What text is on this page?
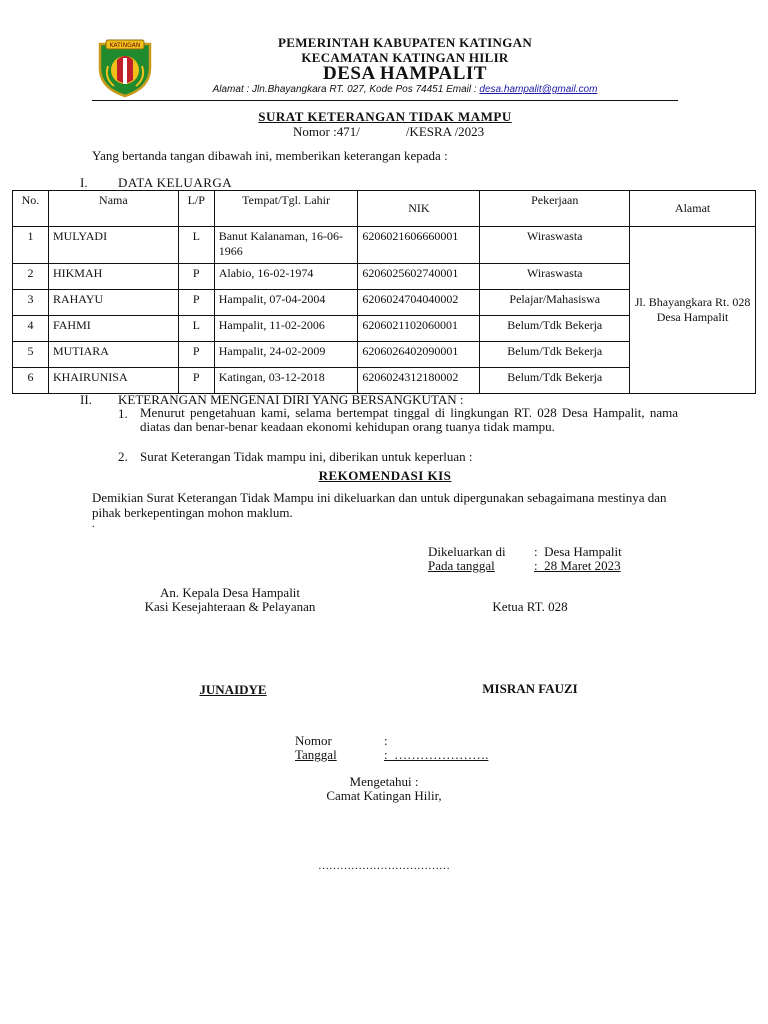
KATINGAN	PEMERINTAH KABUPATEN KATINGAN
KECAMATAN KATINGAN HILIR
DESA HAMPALIT
Alamat : Jln.Bhayangkara RT. 027, Kode Pos 74451 Email : desa.hampalit@gmail.com
SURAT KETERANGAN TIDAK MAMPU
Nomor :471/	/KESRA /2023
Yang bertanda tangan dibawah ini, memberikan keterangan kepada :
I. DATA KELUARGA
No.	Nama	L/P	Tempat/Tgl. Lahir	NIK	Pekerjaan	Alamat
1	MULYADI	L	Banut Kalanaman, 16-06-1966	6206021606660001	Wiraswasta	Jl. Bhayangkara Rt. 028 Desa Hampalit
2	HIKMAH	P	Alabio, 16-02-1974	6206025602740001	Wiraswasta	
3	RAHAYU	P	Hampalit, 07-04-2004	6206024704040002	Pelajar/Mahasiswa	
4	FAHMI	L	Hampalit, 11-02-2006	6206021102060001	Belum/Tdk Bekerja	
5	MUTIARA	P	Hampalit, 24-02-2009	6206026402090001	Belum/Tdk Bekerja	
6	KHAIRUNISA	P	Katingan, 03-12-2018	6206024312180002	Belum/Tdk Bekerja	
II. KETERANGAN MENGENAI DIRI YANG BERSANGKUTAN :
1. Menurut pengetahuan kami, selama bertempat tinggal di lingkungan RT. 028 Desa Hampalit, nama diatas dan benar-benar keadaan ekonomi kehidupan orang tuanya tidak mampu.
2. Surat Keterangan Tidak mampu ini, diberikan untuk keperluan :
REKOMENDASI KIS
Demikian Surat Keterangan Tidak Mampu ini dikeluarkan dan untuk dipergunakan sebagaimana mestinya dan pihak berkepentingan mohon maklum.
.
Dikeluarkan di :  Desa Hampalit
Pada tanggal	:  28 Maret 2023
An. Kepala Desa Hampalit
Kasi Kesejahteraan & Pelayanan	Ketua RT. 028
JUNAIDYE	MISRAN FAUZI
Nomor	:
Tanggal	:  ………………….
Mengetahui :
Camat Katingan Hilir,
………………………………
